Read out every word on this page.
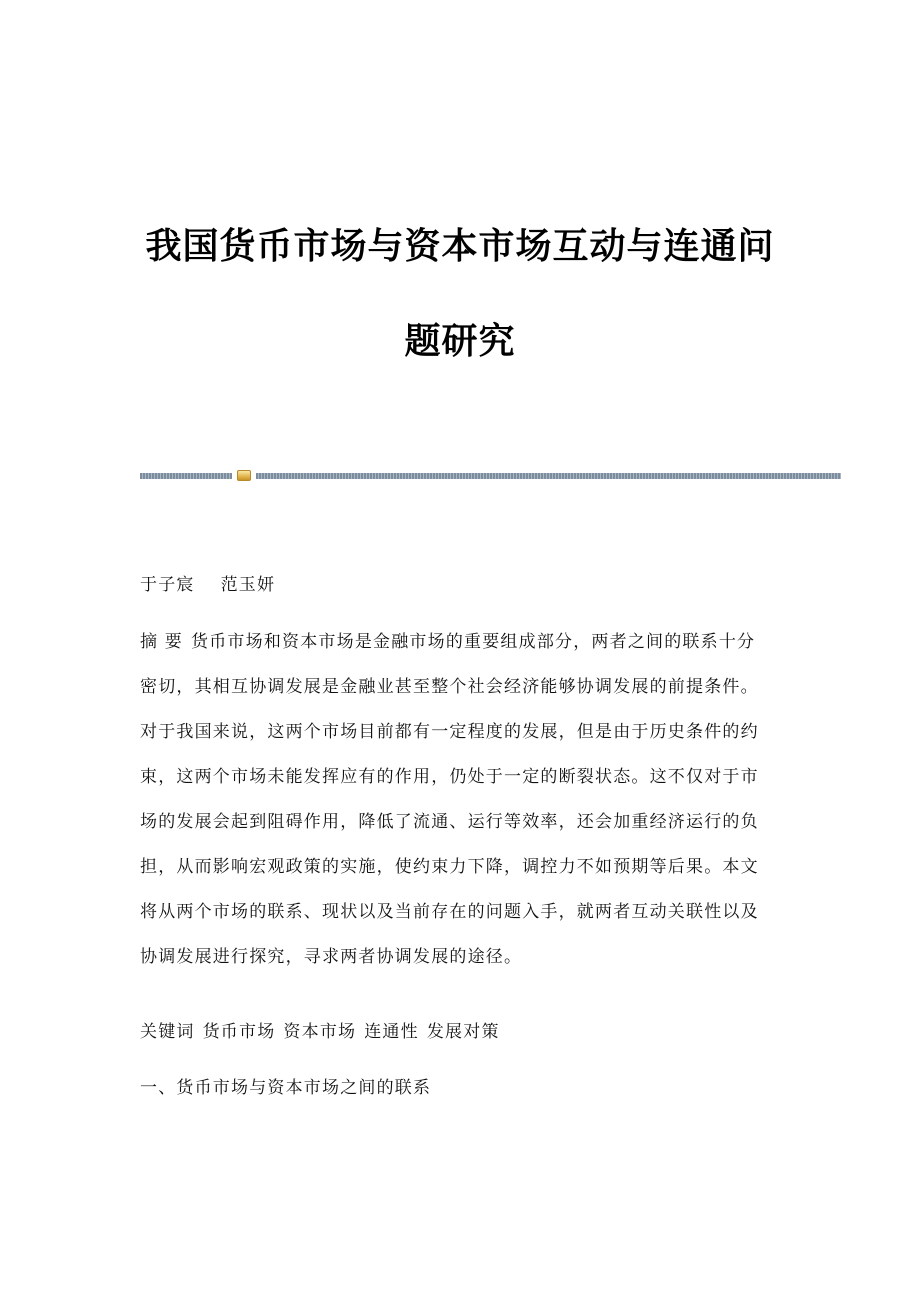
我国货币市场与资本市场互动与连通问
题研究
于子宸 范玉妍
摘 要 货币市场和资本市场是金融市场的重要组成部分，两者之间的联系十分
密切，其相互协调发展是金融业甚至整个社会经济能够协调发展的前提条件。
对于我国来说，这两个市场目前都有一定程度的发展，但是由于历史条件的约
束，这两个市场未能发挥应有的作用，仍处于一定的断裂状态。这不仅对于市
场的发展会起到阻碍作用，降低了流通、运行等效率，还会加重经济运行的负
担，从而影响宏观政策的实施，使约束力下降，调控力不如预期等后果。本文
将从两个市场的联系、现状以及当前存在的问题入手，就两者互动关联性以及
协调发展进行探究，寻求两者协调发展的途径。
关键词 货币市场 资本市场 连通性 发展对策
一、货币市场与资本市场之间的联系
